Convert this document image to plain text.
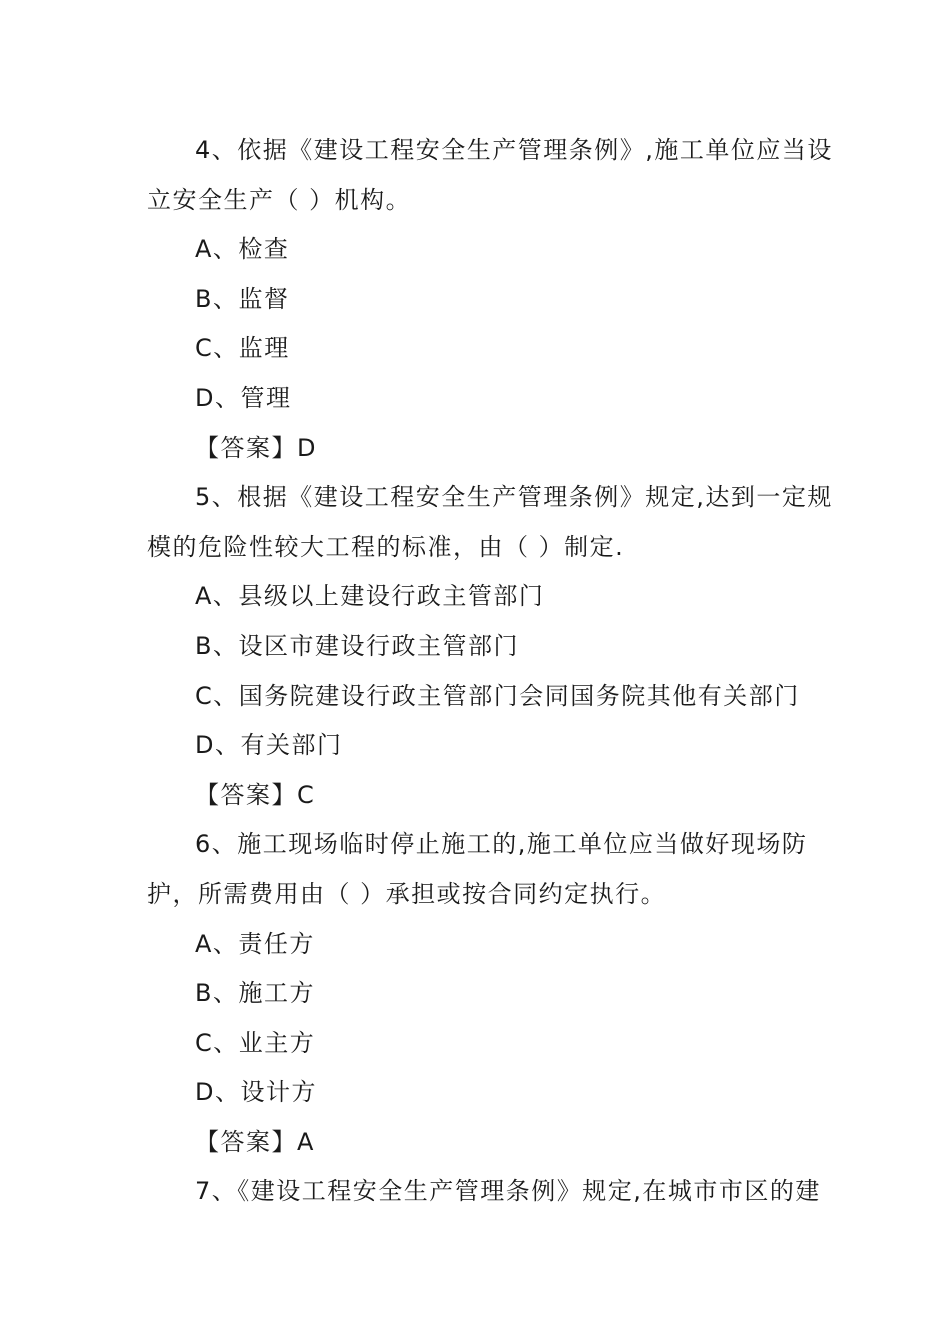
4、依据《建设工程安全生产管理条例》,施工单位应当设
立安全生产（ ）机构。
A、检查
B、监督
C、监理
D、管理
【答案】D
5、根据《建设工程安全生产管理条例》规定,达到一定规
模的危险性较大工程的标准，由（ ）制定.
A、县级以上建设行政主管部门
B、设区市建设行政主管部门
C、国务院建设行政主管部门会同国务院其他有关部门
D、有关部门
【答案】C
6、施工现场临时停止施工的,施工单位应当做好现场防
护，所需费用由（ ）承担或按合同约定执行。
A、责任方
B、施工方
C、业主方
D、设计方
【答案】A
7、《建设工程安全生产管理条例》规定,在城市市区的建
